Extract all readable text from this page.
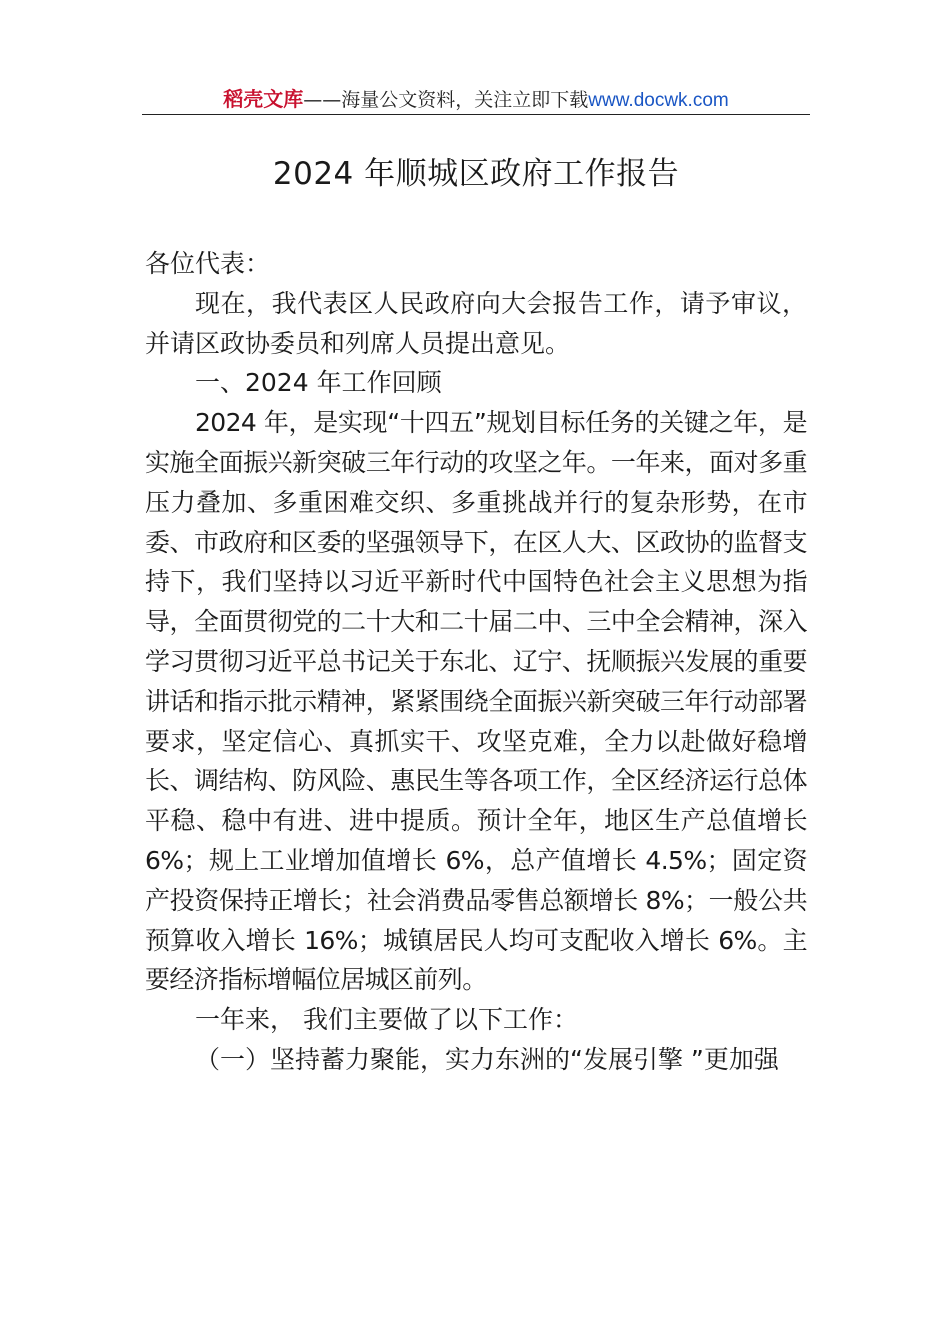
稻壳文库——海量公文资料，关注立即下载www.docwk.com
2024 年顺城区政府工作报告

各位代表：

现在，我代表区人民政府向大会报告工作，请予审议，并请区政协委员和列席人员提出意见。

一、2024 年工作回顾

2024 年，是实现“十四五”规划目标任务的关键之年，是实施全面振兴新突破三年行动的攻坚之年。一年来，面对多重压力叠加、多重困难交织、多重挑战并行的复杂形势，在市委、市政府和区委的坚强领导下，在区人大、区政协的监督支持下，我们坚持以习近平新时代中国特色社会主义思想为指导，全面贯彻党的二十大和二十届二中、三中全会精神，深入学习贯彻习近平总书记关于东北、辽宁、抚顺振兴发展的重要讲话和指示批示精神，紧紧围绕全面振兴新突破三年行动部署要求，坚定信心、真抓实干、攻坚克难，全力以赴做好稳增长、调结构、防风险、惠民生等各项工作，全区经济运行总体平稳、稳中有进、进中提质。预计全年，地区生产总值增长 6%；规上工业增加值增长 6%，总产值增长 4.5%；固定资产投资保持正增长；社会消费品零售总额增长 8%；一般公共预算收入增长 16%；城镇居民人均可支配收入增长 6%。主要经济指标增幅位居城区前列。

一年来， 我们主要做了以下工作：

（一）坚持蓄力聚能，实力东洲的“发展引擎 ”更加强
